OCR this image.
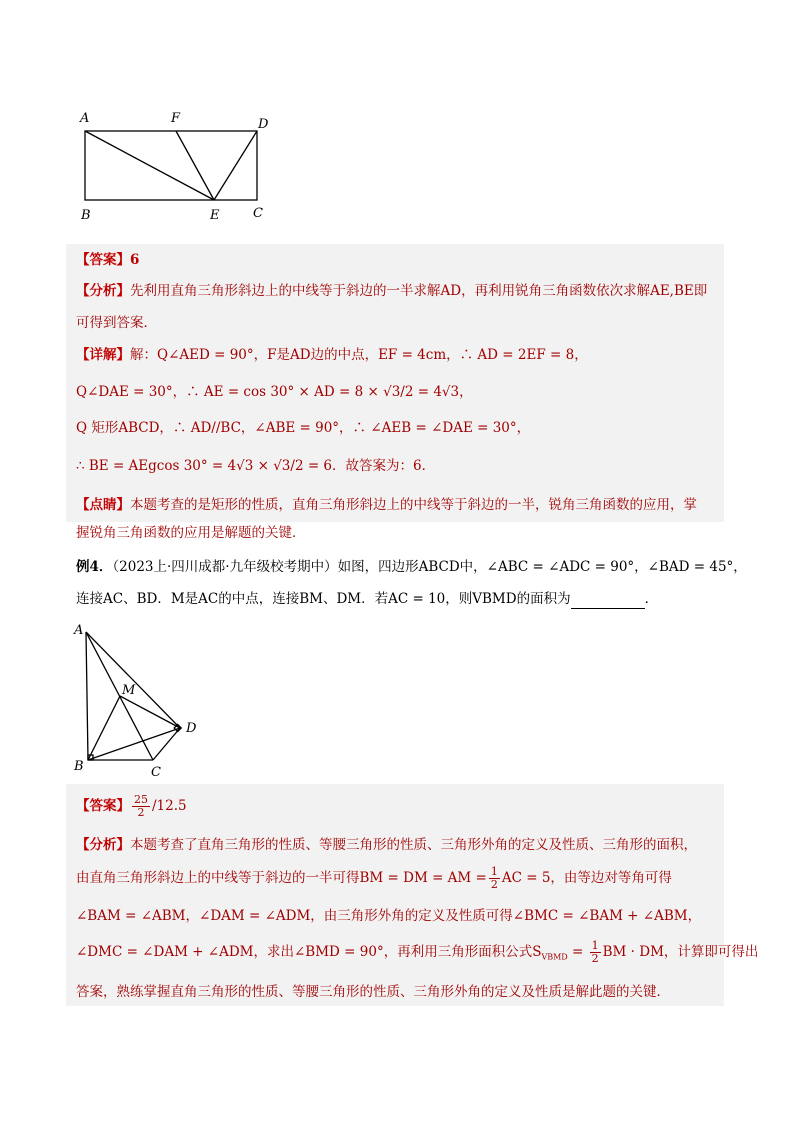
A	F	D
B	E	C
【答案】6
【分析】先利用直角三角形斜边上的中线等于斜边的一半求解AD，再利用锐角三角函数依次求解AE,BE即
可得到答案．
【详解】解：Q∠AED = 90°，F是AD边的中点，EF = 4cm，∴ AD = 2EF = 8，
Q∠DAE = 30°，∴ AE = cos 30° × AD = 8 × √3/2 = 4√3，
Q 矩形ABCD，∴ AD//BC，∠ABE = 90°，∴ ∠AEB = ∠DAE = 30°，
∴ BE = AEgcos 30° = 4√3 × √3/2 = 6．故答案为：6．
【点睛】本题考查的是矩形的性质，直角三角形斜边上的中线等于斜边的一半，锐角三角函数的应用，掌
握锐角三角函数的应用是解题的关键．
例4．（2023上·四川成都·九年级校考期中）如图，四边形ABCD中，∠ABC = ∠ADC = 90°，∠BAD = 45°，
连接AC、BD．M是AC的中点，连接BM、DM．若AC = 10，则VBMD的面积为	．
A
M
D
B	C
【答案】 $\frac{25}{2} /12.5$
【分析】本题考查了直角三角形的性质、等腰三角形的性质、三角形外角的定义及性质、三角形的面积，
由直角三角形斜边上的中线等于斜边的一半可得BM = DM = AM = $\frac{1}{2}$ AC = 5，由等边对等角可得
∠BAM = ∠ABM，∠DAM = ∠ADM，由三角形外角的定义及性质可得∠BMC = ∠BAM + ∠ABM，
∠DMC = ∠DAM + ∠ADM，求出∠BMD = 90°，再利用三角形面积公式$S_{VBMD} = \frac{1}{2}$ BM · DM，计算即可得出
答案，熟练掌握直角三角形的性质、等腰三角形的性质、三角形外角的定义及性质是解此题的关键．
